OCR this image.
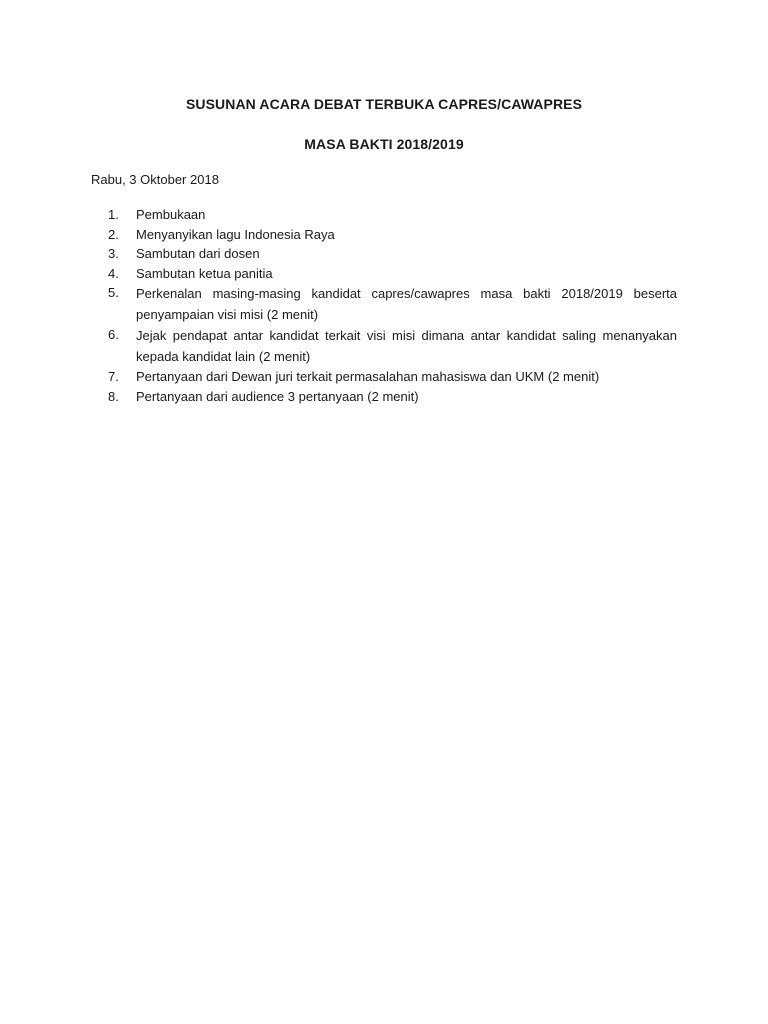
SUSUNAN ACARA DEBAT TERBUKA CAPRES/CAWAPRES
MASA BAKTI 2018/2019
Rabu, 3 Oktober 2018
1.	Pembukaan
2.	Menyanyikan lagu Indonesia Raya
3.	Sambutan dari dosen
4.	Sambutan ketua panitia
5.	Perkenalan masing-masing kandidat capres/cawapres masa bakti 2018/2019 beserta penyampaian visi misi (2 menit)
6.	Jejak pendapat antar kandidat terkait visi misi dimana antar kandidat saling menanyakan kepada kandidat lain (2 menit)
7.	Pertanyaan dari Dewan juri terkait permasalahan mahasiswa dan UKM (2 menit)
8.	Pertanyaan dari audience 3 pertanyaan (2 menit)
